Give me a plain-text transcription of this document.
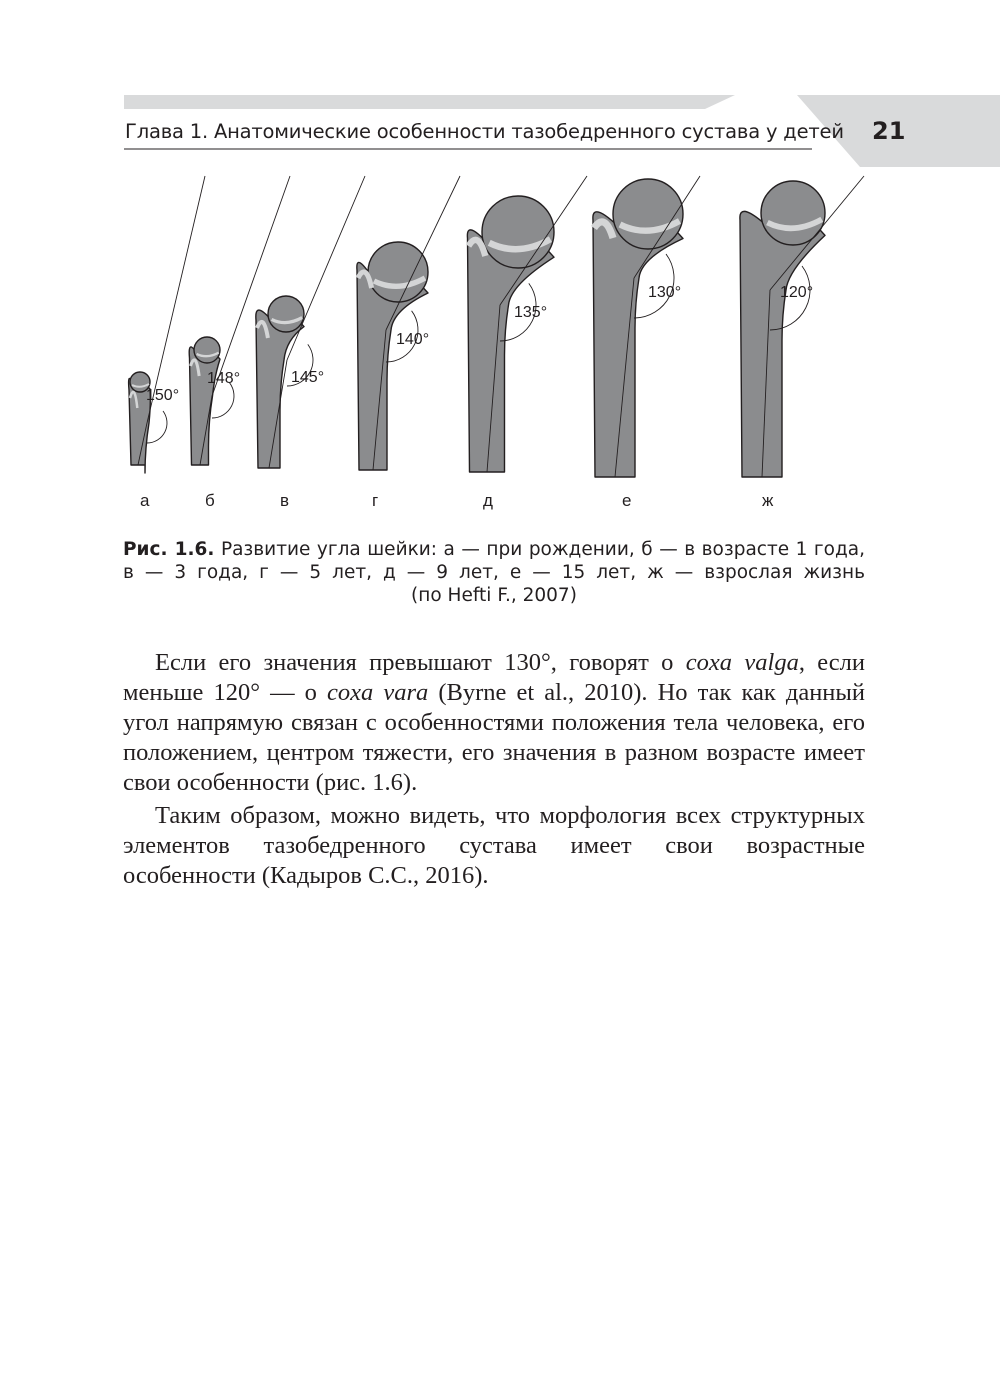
Глава 1. Анатомические особенности тазобедренного сустава у детей 21
150°
а
148°
б
145°
в
140°
г
135°
д
130°
е
120°
ж
Рис. 1.6. Развитие угла шейки: а — при рождении, б — в возрасте 1 года,
в — 3 года, г — 5 лет, д — 9 лет, е — 15 лет, ж — взрослая жизнь
(по Hefti F., 2007)

Если его значения превышают 130°, говорят о coxa valga, если меньше 120° — о coxa vara (Byrne et al., 2010). Но так как данный угол напрямую связан с особенностями положения тела человека, его положением, центром тяжести, его значения в разном возрасте имеет свои особенности (рис. 1.6).

Таким образом, можно видеть, что морфология всех структурных элементов тазобедренного сустава имеет свои возрастные особенности (Кадыров С.С., 2016).
